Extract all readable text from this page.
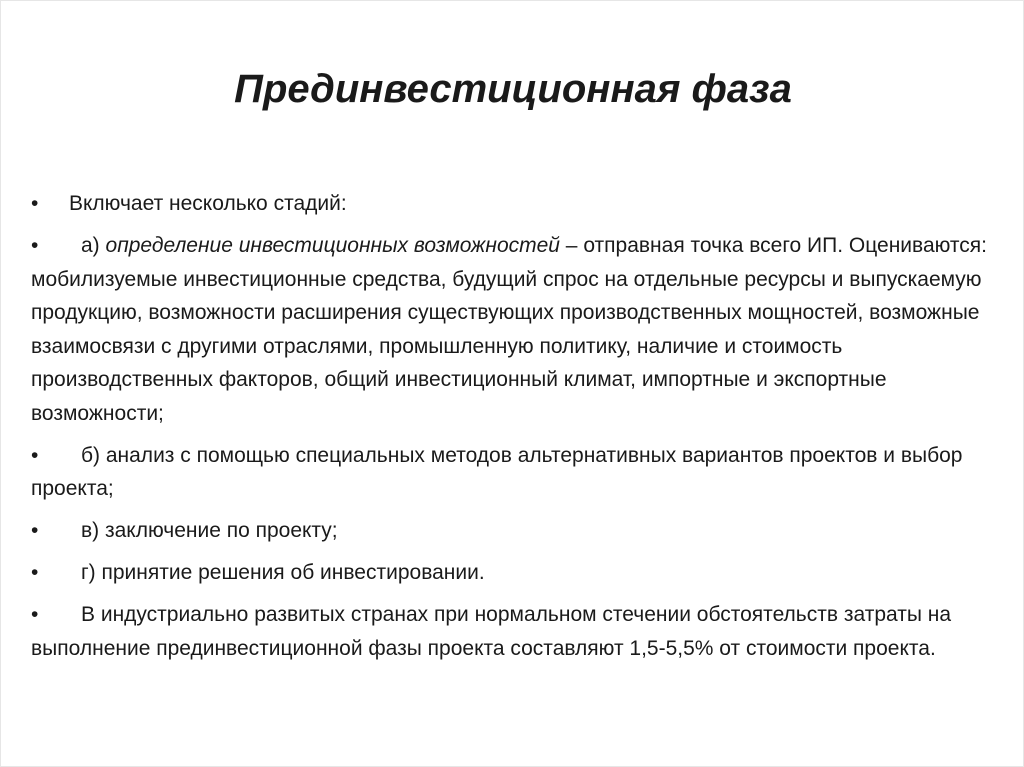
Прединвестиционная фаза

• Включает несколько стадий:

• а) определение инвестиционных возможностей – отправная точка всего ИП. Оцениваются: мобилизуемые инвестиционные средства, будущий спрос на отдельные ресурсы и выпускаемую продукцию, возможности расширения существующих производственных мощностей, возможные взаимосвязи с другими отраслями, промышленную политику, наличие и стоимость производственных факторов, общий инвестиционный климат, импортные и экспортные возможности;

• б) анализ с помощью специальных методов альтернативных вариантов проектов и выбор проекта;

• в) заключение по проекту;

• г) принятие решения об инвестировании.

• В индустриально развитых странах при нормальном стечении обстоятельств затраты на выполнение прединвестиционной фазы проекта составляют 1,5-5,5% от стоимости проекта.
